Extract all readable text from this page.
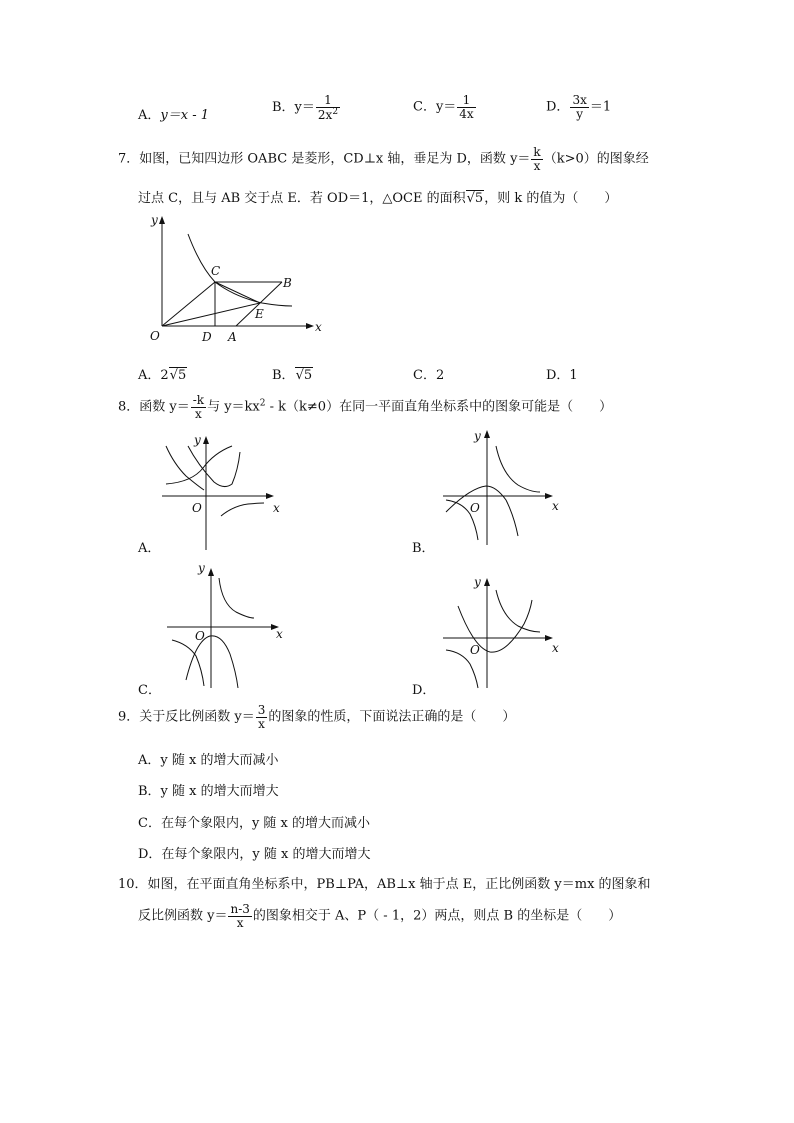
A．y＝x - 1
B．$y= \frac{1}{2x^2}$	C．$y= \frac{1}{4x}$	D． $\frac{3x}{y} =1$
7．如图，已知四边形 OABC 是菱形，CD⊥x 轴，垂足为 D，函数 $y= \frac{k}{x} (k>0)$的图象经
过点 C，且与 AB 交于点 E．若 OD＝1，△OCE 的面积√5，则 k 的值为（　　）
y
x
O	D A
C
B
E
A．2√5	B．√5	C．2	D．1
8．函数 $y= \frac{-k}{x}$ 与 $y=kx^2 - k(k\ne 0)$在同一平面直角坐标系中的图象可能是（　　）
y
x
O
y
x
O
y
x
O
y
x
O
A．	B．
C．	D．
9．关于反比例函数 $y= \frac{3}{x}$ 的图象的性质，下面说法正确的是（　　）
A．y 随 x 的增大而减小
B．y 随 x 的增大而增大
C．在每个象限内，y 随 x 的增大而减小
D．在每个象限内，y 随 x 的增大而增大
10．如图，在平面直角坐标系中，PB⊥PA，AB⊥x 轴于点 E，正比例函数 y＝mx 的图象和
反比例函数 $y= \frac{n-3}{x}$ 的图象相交于 A、P（ - 1，2）两点，则点 B 的坐标是（　　）
